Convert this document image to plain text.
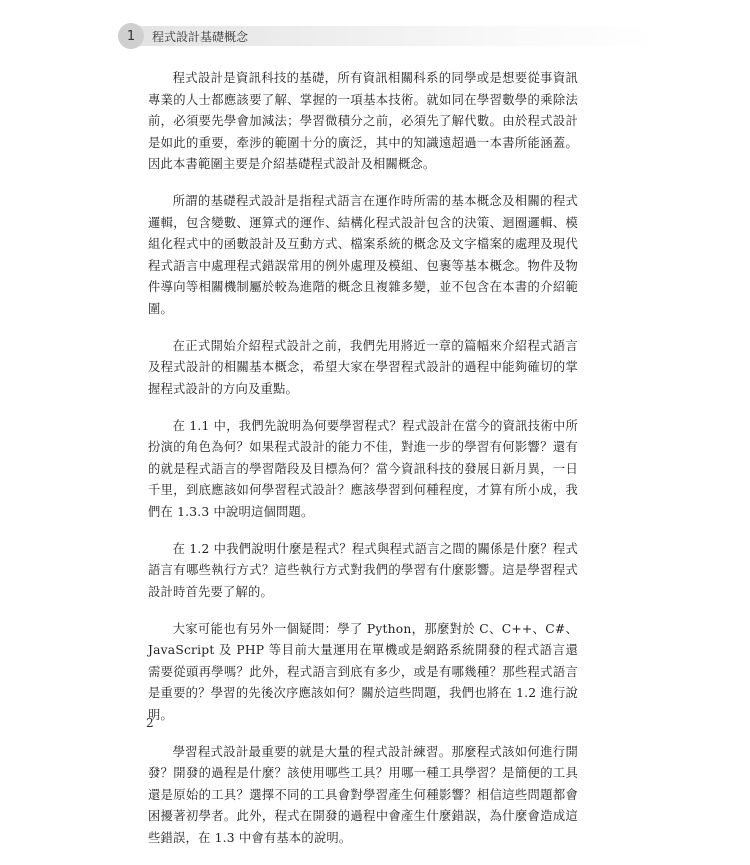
1	程式設計基礎概念

程式設計是資訊科技的基礎，所有資訊相關科系的同學或是想要從事資訊專業的人士都應該要了解、掌握的一項基本技術。就如同在學習數學的乘除法前，必須要先學會加減法；學習微積分之前，必須先了解代數。由於程式設計是如此的重要，牽涉的範圍十分的廣泛，其中的知識遠超過一本書所能涵蓋。因此本書範圍主要是介紹基礎程式設計及相關概念。

所謂的基礎程式設計是指程式語言在運作時所需的基本概念及相關的程式邏輯，包含變數、運算式的運作、結構化程式設計包含的決策、迴圈邏輯、模組化程式中的函數設計及互動方式、檔案系統的概念及文字檔案的處理及現代程式語言中處理程式錯誤常用的例外處理及模組、包裹等基本概念。物件及物件導向等相關機制屬於較為進階的概念且複雜多變，並不包含在本書的介紹範圍。

在正式開始介紹程式設計之前，我們先用將近一章的篇幅來介紹程式語言及程式設計的相關基本概念，希望大家在學習程式設計的過程中能夠確切的掌握程式設計的方向及重點。

在 1.1 中，我們先說明為何要學習程式？程式設計在當今的資訊技術中所扮演的角色為何？如果程式設計的能力不佳，對進一步的學習有何影響？還有的就是程式語言的學習階段及目標為何？當今資訊科技的發展日新月異，一日千里，到底應該如何學習程式設計？應該學習到何種程度，才算有所小成，我們在 1.3.3 中說明這個問題。

在 1.2 中我們說明什麼是程式？程式與程式語言之間的關係是什麼？程式語言有哪些執行方式？這些執行方式對我們的學習有什麼影響。這是學習程式設計時首先要了解的。

大家可能也有另外一個疑問：學了 Python，那麼對於 C、C++、C#、JavaScript 及 PHP 等目前大量運用在單機或是網路系統開發的程式語言還需要從頭再學嗎？此外，程式語言到底有多少，或是有哪幾種？那些程式語言是重要的？學習的先後次序應該如何？關於這些問題，我們也將在 1.2 進行說明。

學習程式設計最重要的就是大量的程式設計練習。那麼程式該如何進行開發？開發的過程是什麼？該使用哪些工具？用哪一種工具學習？是簡便的工具還是原始的工具？選擇不同的工具會對學習產生何種影響？相信這些問題都會困擾著初學者。此外，程式在開發的過程中會產生什麼錯誤，為什麼會造成這些錯誤，在 1.3 中會有基本的說明。

2
